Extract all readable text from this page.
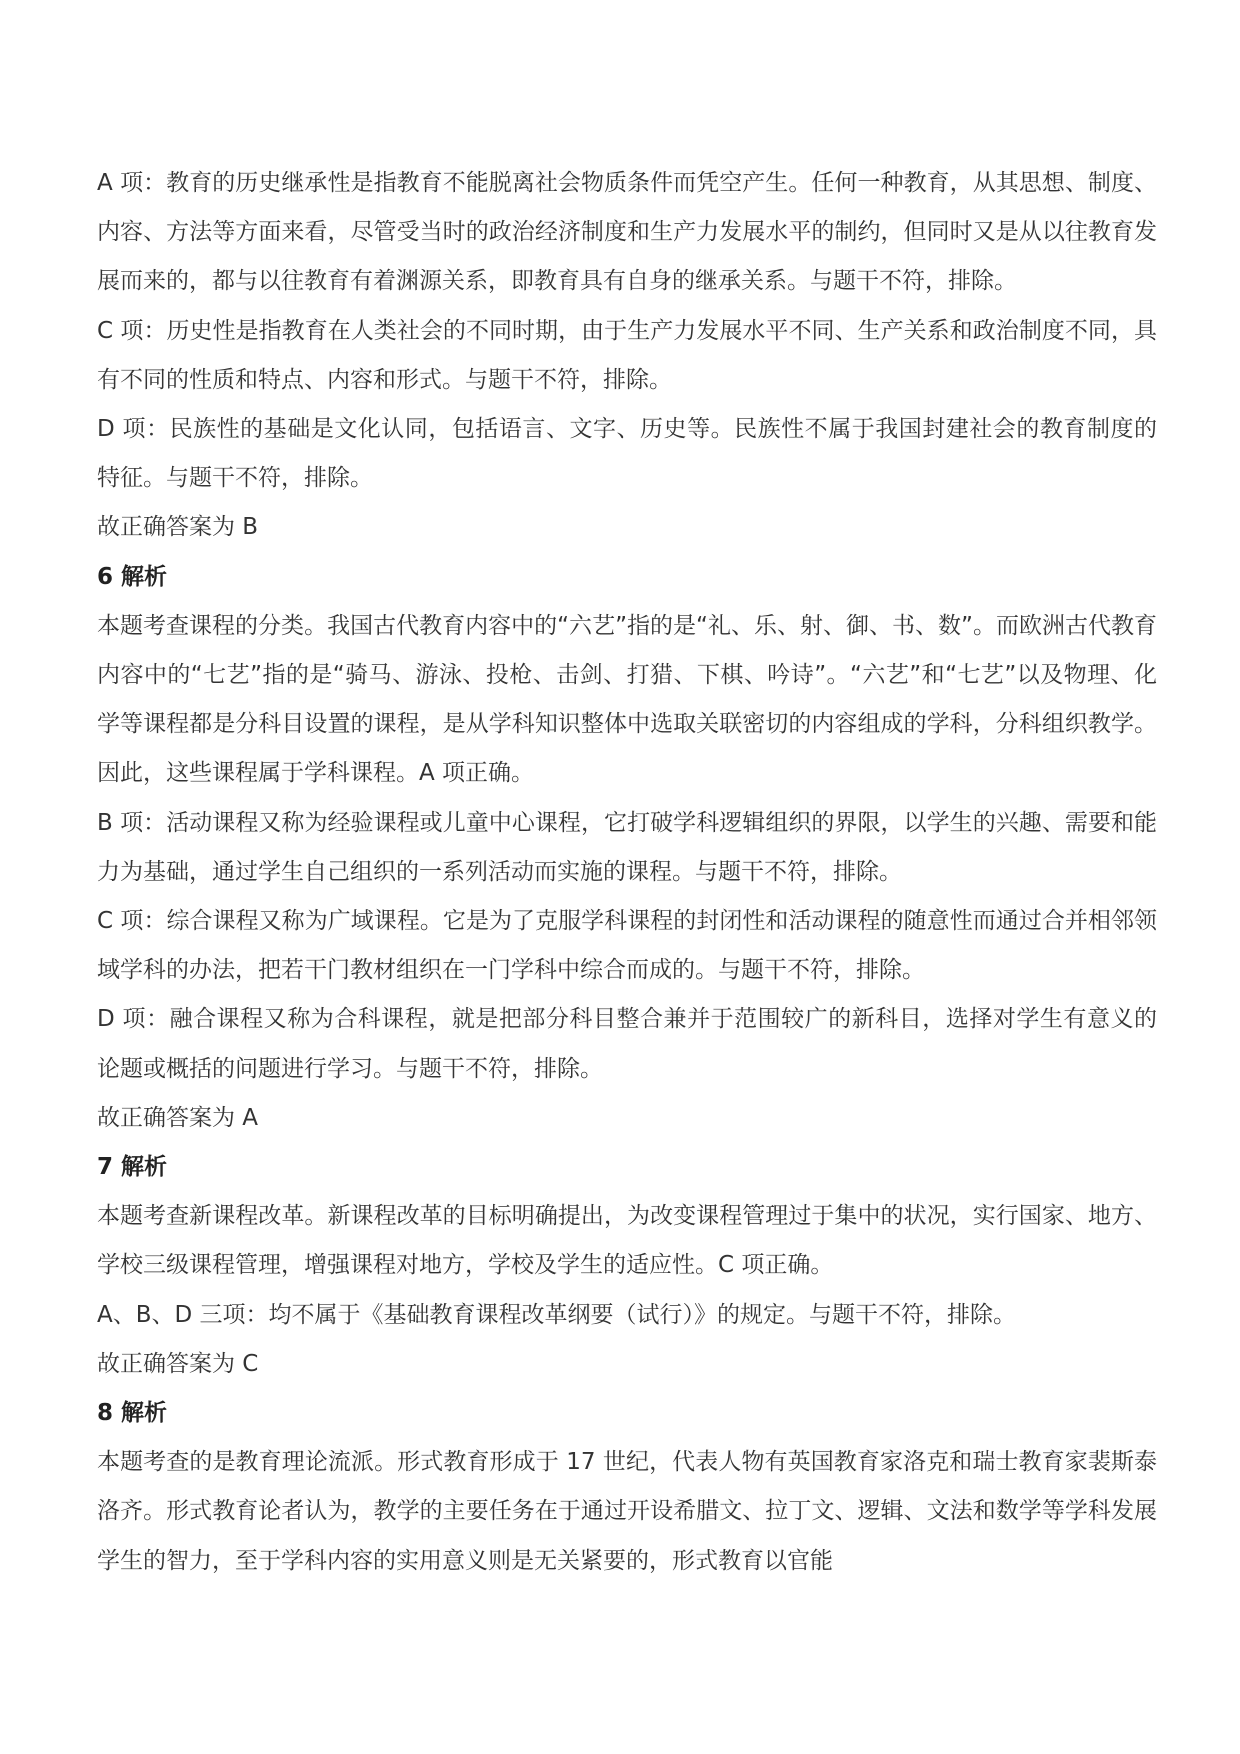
A 项：教育的历史继承性是指教育不能脱离社会物质条件而凭空产生。任何一种教育，从其思想、制度、内容、方法等方面来看，尽管受当时的政治经济制度和生产力发展水平的制约，但同时又是从以往教育发展而来的，都与以往教育有着渊源关系，即教育具有自身的继承关系。与题干不符，排除。

C 项：历史性是指教育在人类社会的不同时期，由于生产力发展水平不同、生产关系和政治制度不同，具有不同的性质和特点、内容和形式。与题干不符，排除。

D 项：民族性的基础是文化认同，包括语言、文字、历史等。民族性不属于我国封建社会的教育制度的特征。与题干不符，排除。

故正确答案为 B

6 解析

本题考查课程的分类。我国古代教育内容中的“六艺”指的是“礼、乐、射、御、书、数”。而欧洲古代教育内容中的“七艺”指的是“骑马、游泳、投枪、击剑、打猎、下棋、吟诗”。“六艺”和“七艺”以及物理、化学等课程都是分科目设置的课程，是从学科知识整体中选取关联密切的内容组成的学科，分科组织教学。因此，这些课程属于学科课程。A 项正确。

B 项：活动课程又称为经验课程或儿童中心课程，它打破学科逻辑组织的界限，以学生的兴趣、需要和能力为基础，通过学生自己组织的一系列活动而实施的课程。与题干不符，排除。

C 项：综合课程又称为广域课程。它是为了克服学科课程的封闭性和活动课程的随意性而通过合并相邻领域学科的办法，把若干门教材组织在一门学科中综合而成的。与题干不符，排除。

D 项：融合课程又称为合科课程，就是把部分科目整合兼并于范围较广的新科目，选择对学生有意义的论题或概括的问题进行学习。与题干不符，排除。

故正确答案为 A

7 解析

本题考查新课程改革。新课程改革的目标明确提出，为改变课程管理过于集中的状况，实行国家、地方、学校三级课程管理，增强课程对地方，学校及学生的适应性。C 项正确。

A、B、D 三项：均不属于《基础教育课程改革纲要（试行）》的规定。与题干不符，排除。

故正确答案为 C

8 解析

本题考查的是教育理论流派。形式教育形成于 17 世纪，代表人物有英国教育家洛克和瑞士教育家裴斯泰洛齐。形式教育论者认为，教学的主要任务在于通过开设希腊文、拉丁文、逻辑、文法和数学等学科发展学生的智力，至于学科内容的实用意义则是无关紧要的，形式教育以官能
